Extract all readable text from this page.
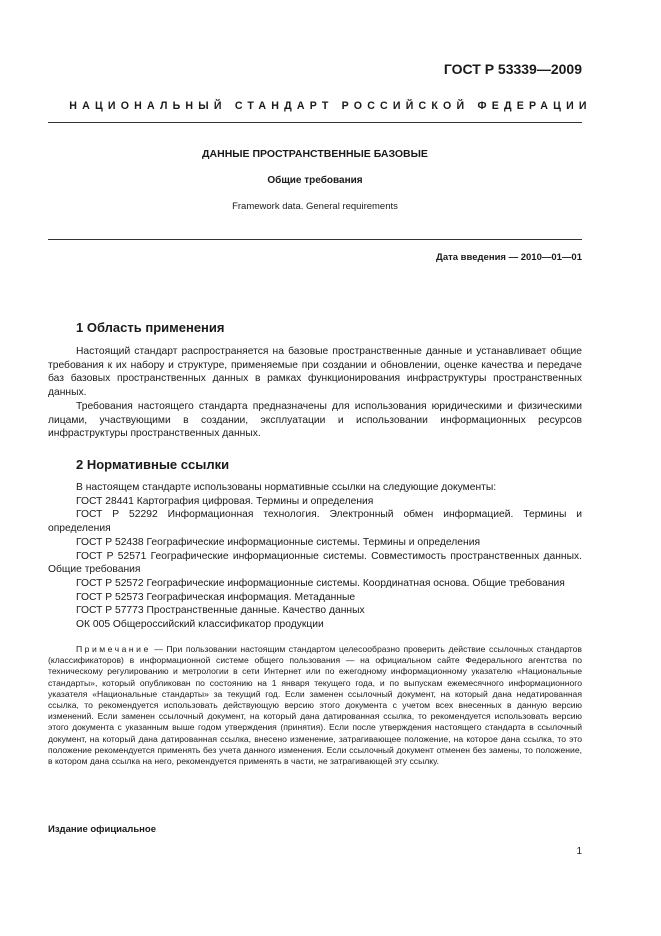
ГОСТ Р 53339—2009
НАЦИОНАЛЬНЫЙ СТАНДАРТ РОССИЙСКОЙ ФЕДЕРАЦИИ
ДАННЫЕ ПРОСТРАНСТВЕННЫЕ БАЗОВЫЕ
Общие требования
Framework data. General requirements
Дата введения — 2010—01—01
1 Область применения

Настоящий стандарт распространяется на базовые пространственные данные и устанавливает общие требования к их набору и структуре, применяемые при создании и обновлении, оценке качества и передаче баз базовых пространственных данных в рамках функционирования инфраструктуры пространственных данных.

Требования настоящего стандарта предназначены для использования юридическими и физическими лицами, участвующими в создании, эксплуатации и использовании информационных ресурсов инфраструктуры пространственных данных.

2 Нормативные ссылки

В настоящем стандарте использованы нормативные ссылки на следующие документы:

ГОСТ 28441 Картография цифровая. Термины и определения

ГОСТ Р 52292 Информационная технология. Электронный обмен информацией. Термины и определения

ГОСТ Р 52438 Географические информационные системы. Термины и определения

ГОСТ Р 52571 Географические информационные системы. Совместимость пространственных данных. Общие требования

ГОСТ Р 52572 Географические информационные системы. Координатная основа. Общие требования

ГОСТ Р 52573 Географическая информация. Метаданные

ГОСТ Р 57773 Пространственные данные. Качество данных

ОК 005 Общероссийский классификатор продукции

Примечание — При пользовании настоящим стандартом целесообразно проверить действие ссылочных стандартов (классификаторов) в информационной системе общего пользования — на официальном сайте Федерального агентства по техническому регулированию и метрологии в сети Интернет или по ежегодному информационному указателю «Национальные стандарты», который опубликован по состоянию на 1 января текущего года, и по выпускам ежемесячного информационного указателя «Национальные стандарты» за текущий год. Если заменен ссылочный документ, на который дана недатированная ссылка, то рекомендуется использовать действующую версию этого документа с учетом всех внесенных в данную версию изменений. Если заменен ссылочный документ, на который дана датированная ссылка, то рекомендуется использовать версию этого документа с указанным выше годом утверждения (принятия). Если после утверждения настоящего стандарта в ссылочный документ, на который дана датированная ссылка, внесено изменение, затрагивающее положение, на которое дана ссылка, то это положение рекомендуется применять без учета данного изменения. Если ссылочный документ отменен без замены, то положение, в котором дана ссылка на него, рекомендуется применять в части, не затрагивающей эту ссылку.

Издание официальное
1
